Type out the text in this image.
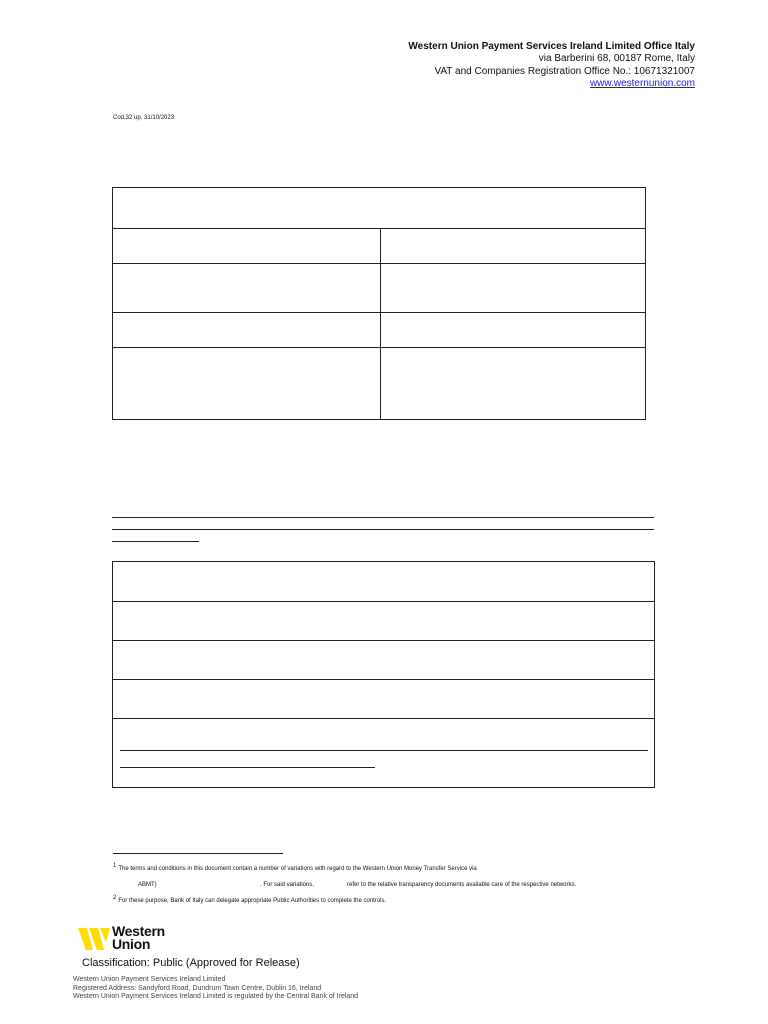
Western Union Payment Services Ireland Limited Office Italy
via Barberini 68, 00187 Rome, Italy
VAT and Companies Registration Office No.: 10671321007
www.westernunion.com
Cod.32 up. 31/10/2023
$^1$ The terms and conditions in this document contain a number of variations with regard to the Western Union Money Transfer Service via
ABMT)	. For said variations,	refer to the relative transparency documents available care of the respective networks.
$^2$ For these purpose, Bank of Italy can delegate appropriate Public Authorities to complete the controls.
Western
Union
Classification: Public (Approved for Release)
Western Union Payment Services Ireland Limited
Registered Address: Sandyford Road, Dundrum Town Centre, Dublin 16, Ireland
Western Union Payment Services Ireland Limited is regulated by the Central Bank of Ireland
